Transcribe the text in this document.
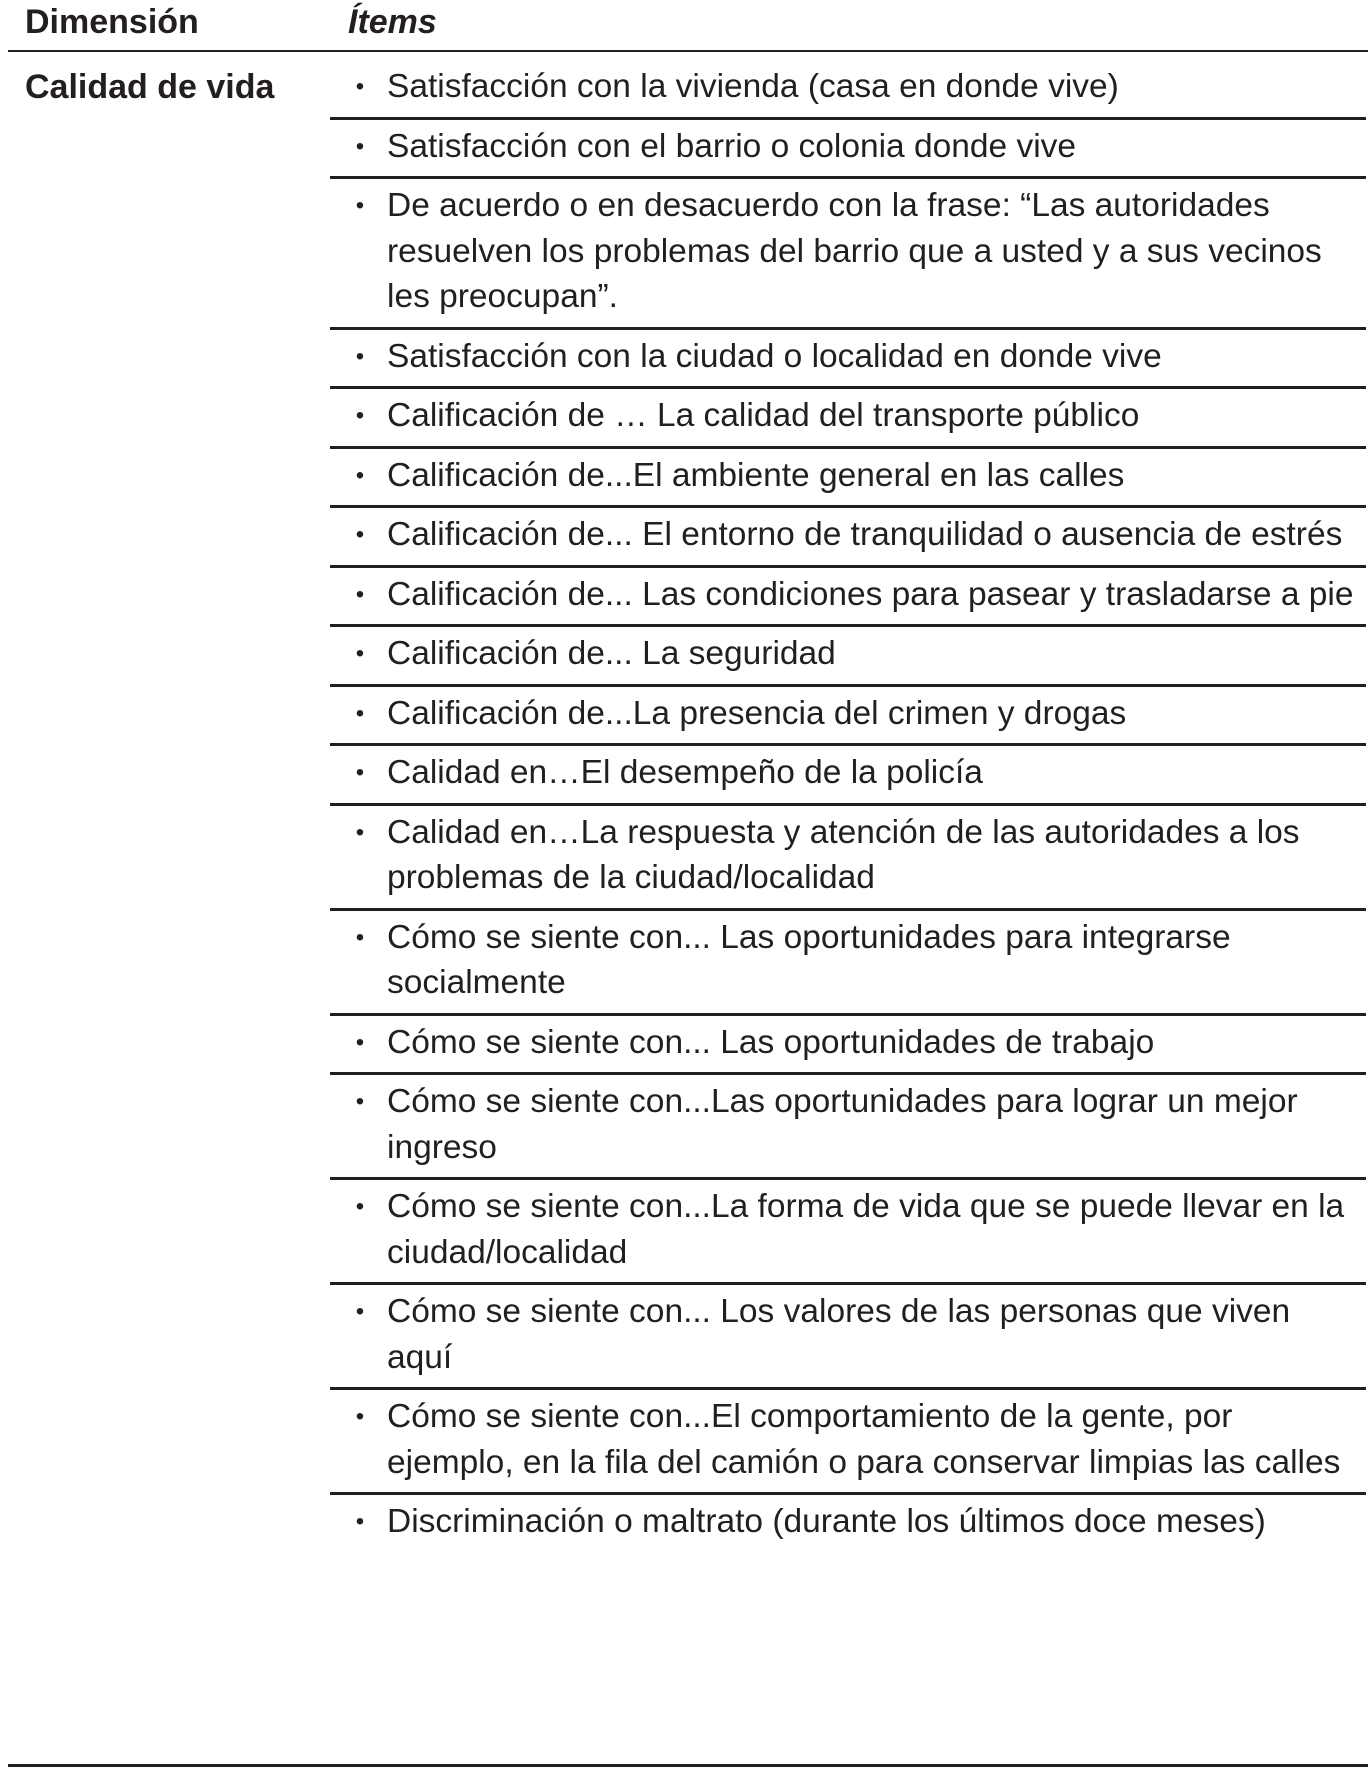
Dimensión	Ítems
Calidad de vida	• Satisfacción con la vivienda (casa en donde vive)
• Satisfacción con el barrio o colonia donde vive
• De acuerdo o en desacuerdo con la frase: “Las autoridades resuelven los problemas del barrio que a usted y a sus vecinos les preocupan”.
• Satisfacción con la ciudad o localidad en donde vive
• Calificación de … La calidad del transporte público
• Calificación de...El ambiente general en las calles
• Calificación de... El entorno de tranquilidad o ausencia de estrés
• Calificación de... Las condiciones para pasear y trasladarse a pie
• Calificación de... La seguridad
• Calificación de...La presencia del crimen y drogas
• Calidad en…El desempeño de la policía
• Calidad en…La respuesta y atención de las autoridades a los problemas de la ciudad/localidad
• Cómo se siente con... Las oportunidades para integrarse socialmente
• Cómo se siente con... Las oportunidades de trabajo
• Cómo se siente con...Las oportunidades para lograr un mejor ingreso
• Cómo se siente con...La forma de vida que se puede llevar en la ciudad/localidad
• Cómo se siente con... Los valores de las personas que viven aquí
• Cómo se siente con...El comportamiento de la gente, por ejemplo, en la fila del camión o para conservar limpias las calles
• Discriminación o maltrato (durante los últimos doce meses)
